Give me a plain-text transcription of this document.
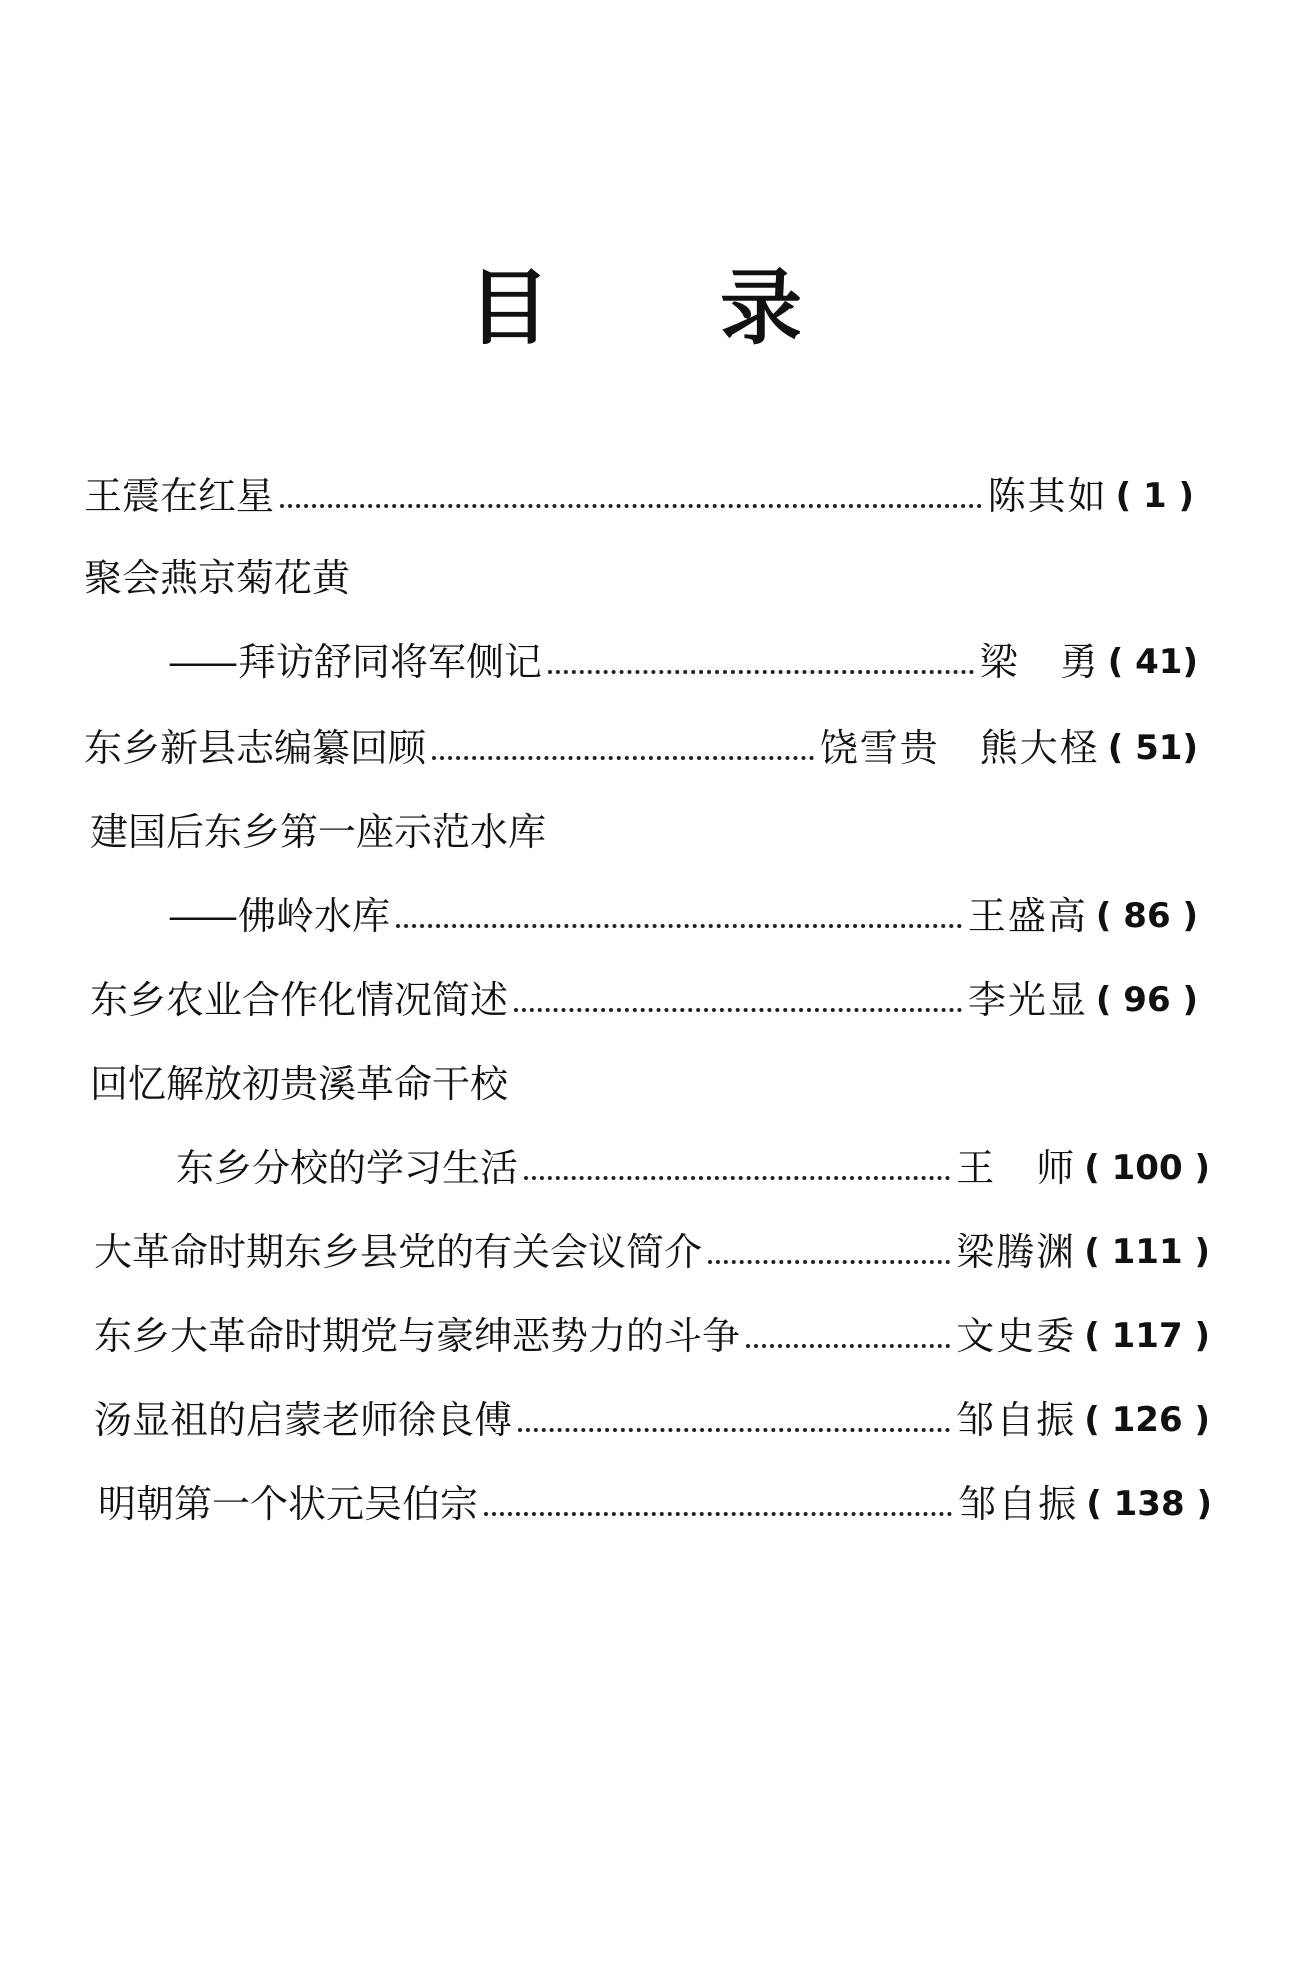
目录
王震在红星	陈其如 ( 1 )
聚会燕京菊花黄
—— 拜访舒同将军侧记	梁　勇 ( 41)
东乡新县志编纂回顾	饶雪贵　熊大柽 ( 51)
建国后东乡第一座示范水库
—— 佛岭水库	王盛高 ( 86 )
东乡农业合作化情况简述	李光显 ( 96 )
回忆解放初贵溪革命干校
东乡分校的学习生活	王　师 ( 100 )
大革命时期东乡县党的有关会议简介	梁腾渊 ( 111 )
东乡大革命时期党与豪绅恶势力的斗争	文史委 ( 117 )
汤显祖的启蒙老师徐良傅	邹自振 ( 126 )
明朝第一个状元吴伯宗	邹自振 ( 138 )
